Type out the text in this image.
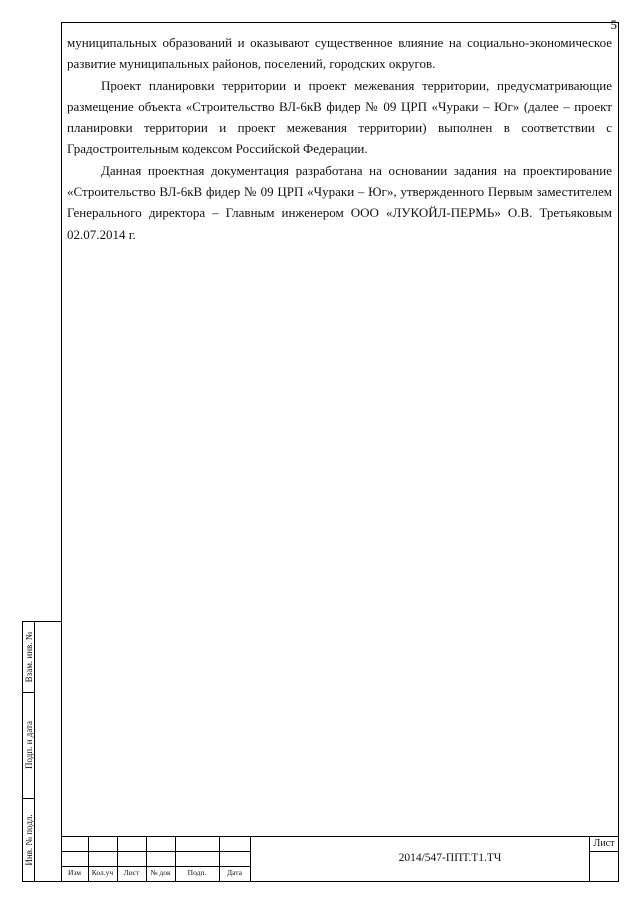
5

муниципальных образований и оказывают существенное влияние на социально-экономическое развитие муниципальных районов, поселений, городских округов.

Проект планировки территории и проект межевания территории, предусматривающие размещение объекта «Строительство ВЛ-6кВ фидер № 09 ЦРП «Чураки – Юг» (далее – проект планировки территории и проект межевания территории) выполнен в соответствии с Градостроительным кодексом Российской Федерации.

Данная проектная документация разработана на основании задания на проектирование «Строительство ВЛ-6кВ фидер № 09 ЦРП «Чураки – Юг», утвержденного Первым заместителем Генерального директора – Главным инженером ООО «ЛУКОЙЛ-ПЕРМЬ» О.В. Третьяковым 02.07.2014 г.

Взам. инв. №
Подп. и дата
Инв. № подл.
Изм	Кол.уч	Лист	№ док	Подп.	Дата
2014/547-ППТ.Т1.ТЧ
Лист
